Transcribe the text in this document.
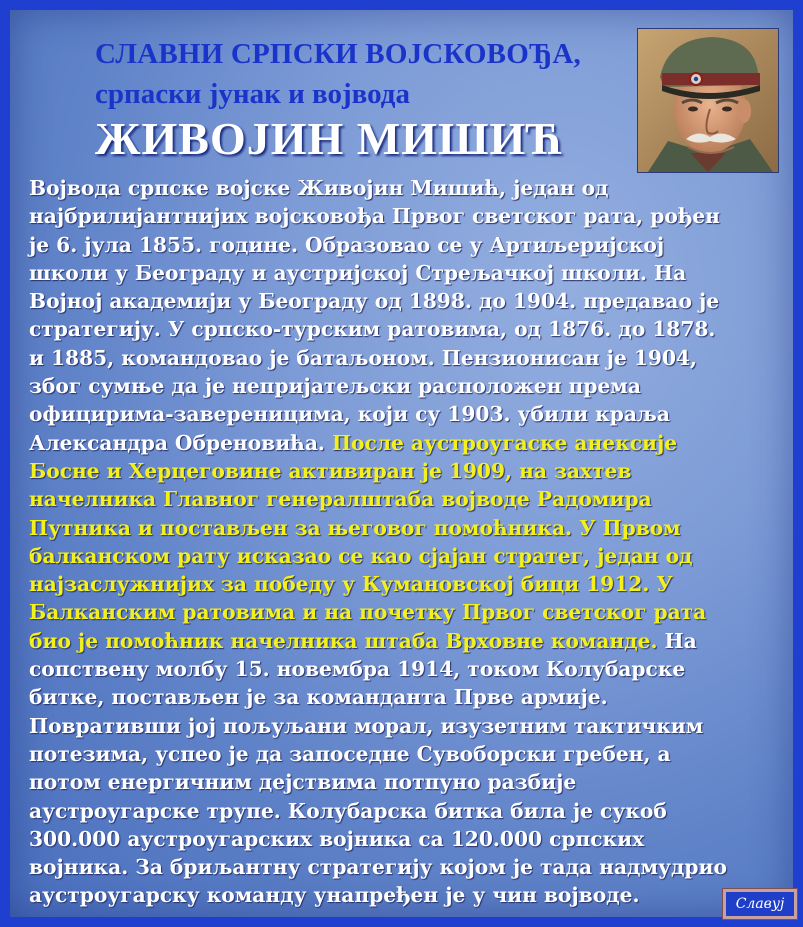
СЛАВНИ СРПСКИ ВОЈСКОВОЂА,
српаски јунак и војвода
ЖИВОЈИН МИШИЋ
Војвода српске војске Живојин Мишић, један од
најбрилијантнијих војсковођа Првог светског рата, рођен
је 6. јула 1855. године. Образовао се у Артиљеријској
школи у Београду и аустријској Стрељачкој школи. На
Војној академији у Београду од 1898. до 1904. предавао је
стратегију. У српско-турским ратовима, од 1876. до 1878.
и 1885, командовао је батаљоном. Пензионисан је 1904,
због сумње да је непријатељски расположен према
официрима-завереницима, који су 1903. убили краља
Александра Обреновића. После аустроугаске анексије
Босне и Херцеговине активиран је 1909, на захтев
начелника Главног генералштаба војводе Радомира
Путника и постављен за његовог помоћника. У Првом
балканском рату исказао се као сјајан стратег, један од
најзаслужнијих за победу у Кумановској бици 1912. У
Балканским ратовима и на почетку Првог светског рата
био је помоћник начелника штаба Врховне команде. На
сопствену молбу 15. новембра 1914, током Колубарске
битке, постављен је за команданта Прве армије.
Повративши јој пољуљани морал, изузетним тактичким
потезима, успео је да запоседне Сувоборски гребен, а
потом енергичним дејствима потпуно разбије
аустроугарске трупе. Колубарска битка била је сукоб
300.000 аустроугарских војника са 120.000 српских
војника. За бриљантну стратегију којом је тада надмудрио
аустроугарску команду унапређен је у чин војводе.	Славуј
